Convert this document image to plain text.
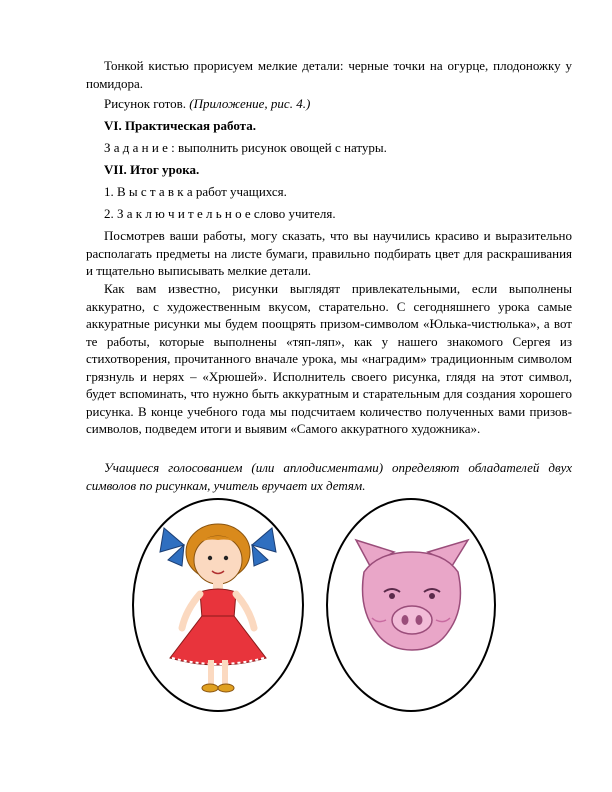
Тонкой кистью прорисуем мелкие детали: черные точки на огурце, плодоножку у помидора.

Рисунок готов. (Приложение, рис. 4.)

VI. Практическая работа.

З а д а н и е : выполнить рисунок овощей с натуры.

VII. Итог урока.

1. В ы с т а в к а работ учащихся.

2. З а к л ю ч и т е л ь н о е слово учителя.

Посмотрев ваши работы, могу сказать, что вы научились красиво и выразительно располагать предметы на листе бумаги, правильно подбирать цвет для раскрашивания и тщательно выписывать мелкие детали.

Как вам известно, рисунки выглядят привлекательными, если выполнены аккуратно, с художественным вкусом, старательно. С сегодняшнего урока самые аккуратные рисунки мы будем поощрять призом-символом «Юлька-чистюлька», а вот те работы, которые выполнены «тяп-ляп», как у нашего знакомого Сергея из стихотворения, прочитанного вначале урока, мы «наградим» традиционным символом грязнуль и неряx – «Хрюшей». Исполнитель своего рисунка, глядя на этот символ, будет вспоминать, что нужно быть аккуратным и старательным для создания хорошего рисунка. В конце учебного года мы подсчитаем количество полученных вами призов-символов, подведем итоги и выявим «Самого аккуратного художника».

Учащиеся голосованием (или аплодисментами) определяют обладателей двух символов по рисункам, учитель вручает их детям.
